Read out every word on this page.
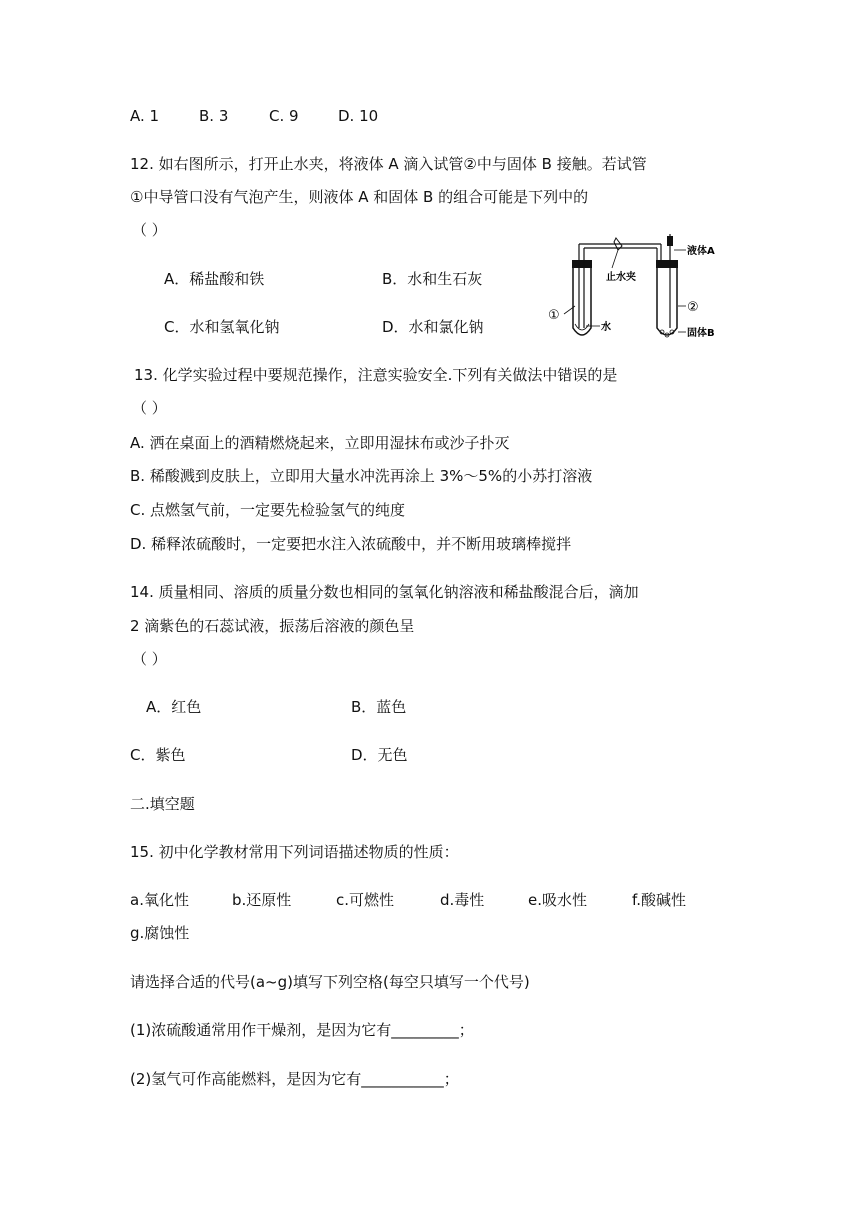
A. 1	B. 3	C. 9	D. 10
12. 如右图所示，打开止水夹，将液体 A 滴入试管②中与固体 B 接触。若试管
①中导管口没有气泡产生，则液体 A 和固体 B 的组合可能是下列中的
（ ）
A．稀盐酸和铁	B．水和生石灰
C．水和氢氧化钠	D．水和氯化钠
液体A
止水夹
②
①
水
固体B
13. 化学实验过程中要规范操作，注意实验安全.下列有关做法中错误的是
（ ）
A. 洒在桌面上的酒精燃烧起来，立即用湿抹布或沙子扑灭
B. 稀酸溅到皮肤上，立即用大量水冲洗再涂上 3%～5%的小苏打溶液
C. 点燃氢气前，一定要先检验氢气的纯度
D. 稀释浓硫酸时，一定要把水注入浓硫酸中，并不断用玻璃棒搅拌
14. 质量相同、溶质的质量分数也相同的氢氧化钠溶液和稀盐酸混合后，滴加
2 滴紫色的石蕊试液，振荡后溶液的颜色呈
（ ）
A．红色	B．蓝色
C．紫色	D．无色
二.填空题
15. 初中化学教材常用下列词语描述物质的性质：
a.氧化性	b.还原性	c.可燃性	d.毒性	e.吸水性	f.酸碱性
g.腐蚀性
请选择合适的代号(a~g)填写下列空格(每空只填写一个代号)
(1)浓硫酸通常用作干燥剂，是因为它有_________；
(2)氢气可作高能燃料，是因为它有___________；
